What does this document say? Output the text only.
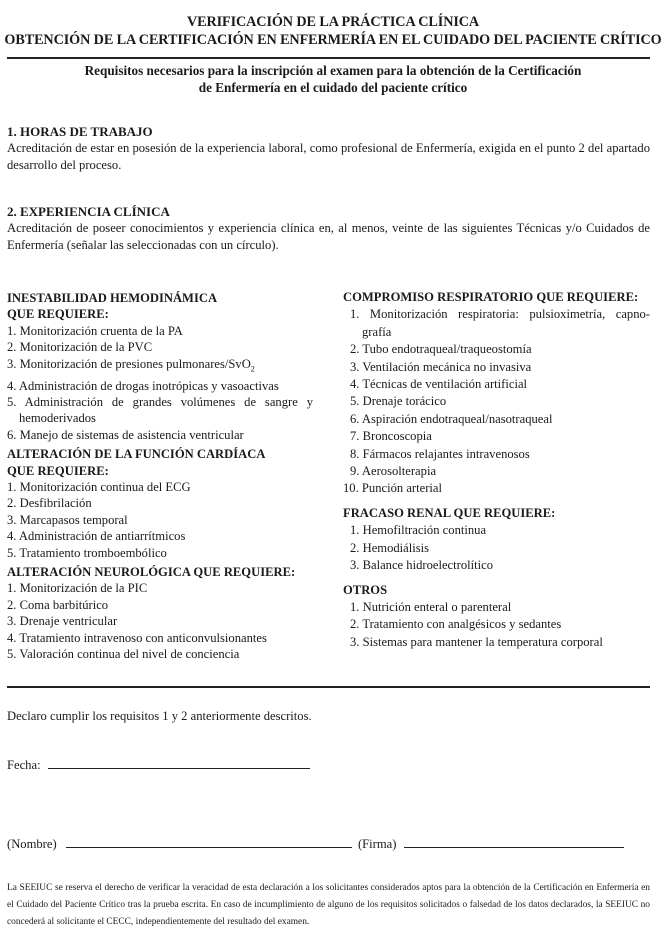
VERIFICACIÓN DE LA PRÁCTICA CLÍNICA
OBTENCIÓN DE LA CERTIFICACIÓN EN ENFERMERÍA EN EL CUIDADO DEL PACIENTE CRÍTICO
Requisitos necesarios para la inscripción al examen para la obtención de la Certificación
de Enfermería en el cuidado del paciente crítico
1. HORAS DE TRABAJO
Acreditación de estar en posesión de la experiencia laboral, como profesional de Enfermería, exigida en el punto 2 del apartado desarrollo del proceso.
2. EXPERIENCIA CLÍNICA
Acreditación de poseer conocimientos y experiencia clínica en, al menos, veinte de las siguientes Técnicas y/o Cuidados de Enfermería (señalar las seleccionadas con un círculo).
INESTABILIDAD HEMODINÁMICA
QUE REQUIERE:
1. Monitorización cruenta de la PA
2. Monitorización de la PVC
3. Monitorización de presiones pulmonares/SvO$_2$
4. Administración de drogas inotrópicas y vasoactivas
5. Administración de grandes volúmenes de sangre y hemoderivados
6. Manejo de sistemas de asistencia ventricular
ALTERACIÓN DE LA FUNCIÓN CARDÍACA
QUE REQUIERE:
1. Monitorización continua del ECG
2. Desfibrilación
3. Marcapasos temporal
4. Administración de antiarrítmicos
5. Tratamiento tromboembólico
ALTERACIÓN NEUROLÓGICA QUE REQUIERE:
1. Monitorización de la PIC
2. Coma barbitúrico
3. Drenaje ventricular
4. Tratamiento intravenoso con anticonvulsionantes
5. Valoración continua del nivel de conciencia
COMPROMISO RESPIRATORIO QUE REQUIERE:
1. Monitorización respiratoria: pulsioximetría, capno-grafía
2. Tubo endotraqueal/traqueostomía
3. Ventilación mecánica no invasiva
4. Técnicas de ventilación artificial
5. Drenaje torácico
6. Aspiración endotraqueal/nasotraqueal
7. Broncoscopia
8. Fármacos relajantes intravenosos
9. Aerosolterapia
10. Punción arterial
FRACASO RENAL QUE REQUIERE:
1. Hemofiltración continua
2. Hemodiálisis
3. Balance hidroelectrolítico
OTROS
1. Nutrición enteral o parenteral
2. Tratamiento con analgésicos y sedantes
3. Sistemas para mantener la temperatura corporal
Declaro cumplir los requisitos 1 y 2 anteriormente descritos.
Fecha:
(Nombre)	(Firma)
La SEEIUC se reserva el derecho de verificar la veracidad de esta declaración a los solicitantes considerados aptos para la obtención de la Certificación en Enfermería en el Cuidado del Paciente Crítico tras la prueba escrita. En caso de incumplimiento de alguno de los requisitos solicitados o falsedad de los datos declarados, la SEEIUC no concederá al solicitante el CECC, independientemente del resultado del examen.
